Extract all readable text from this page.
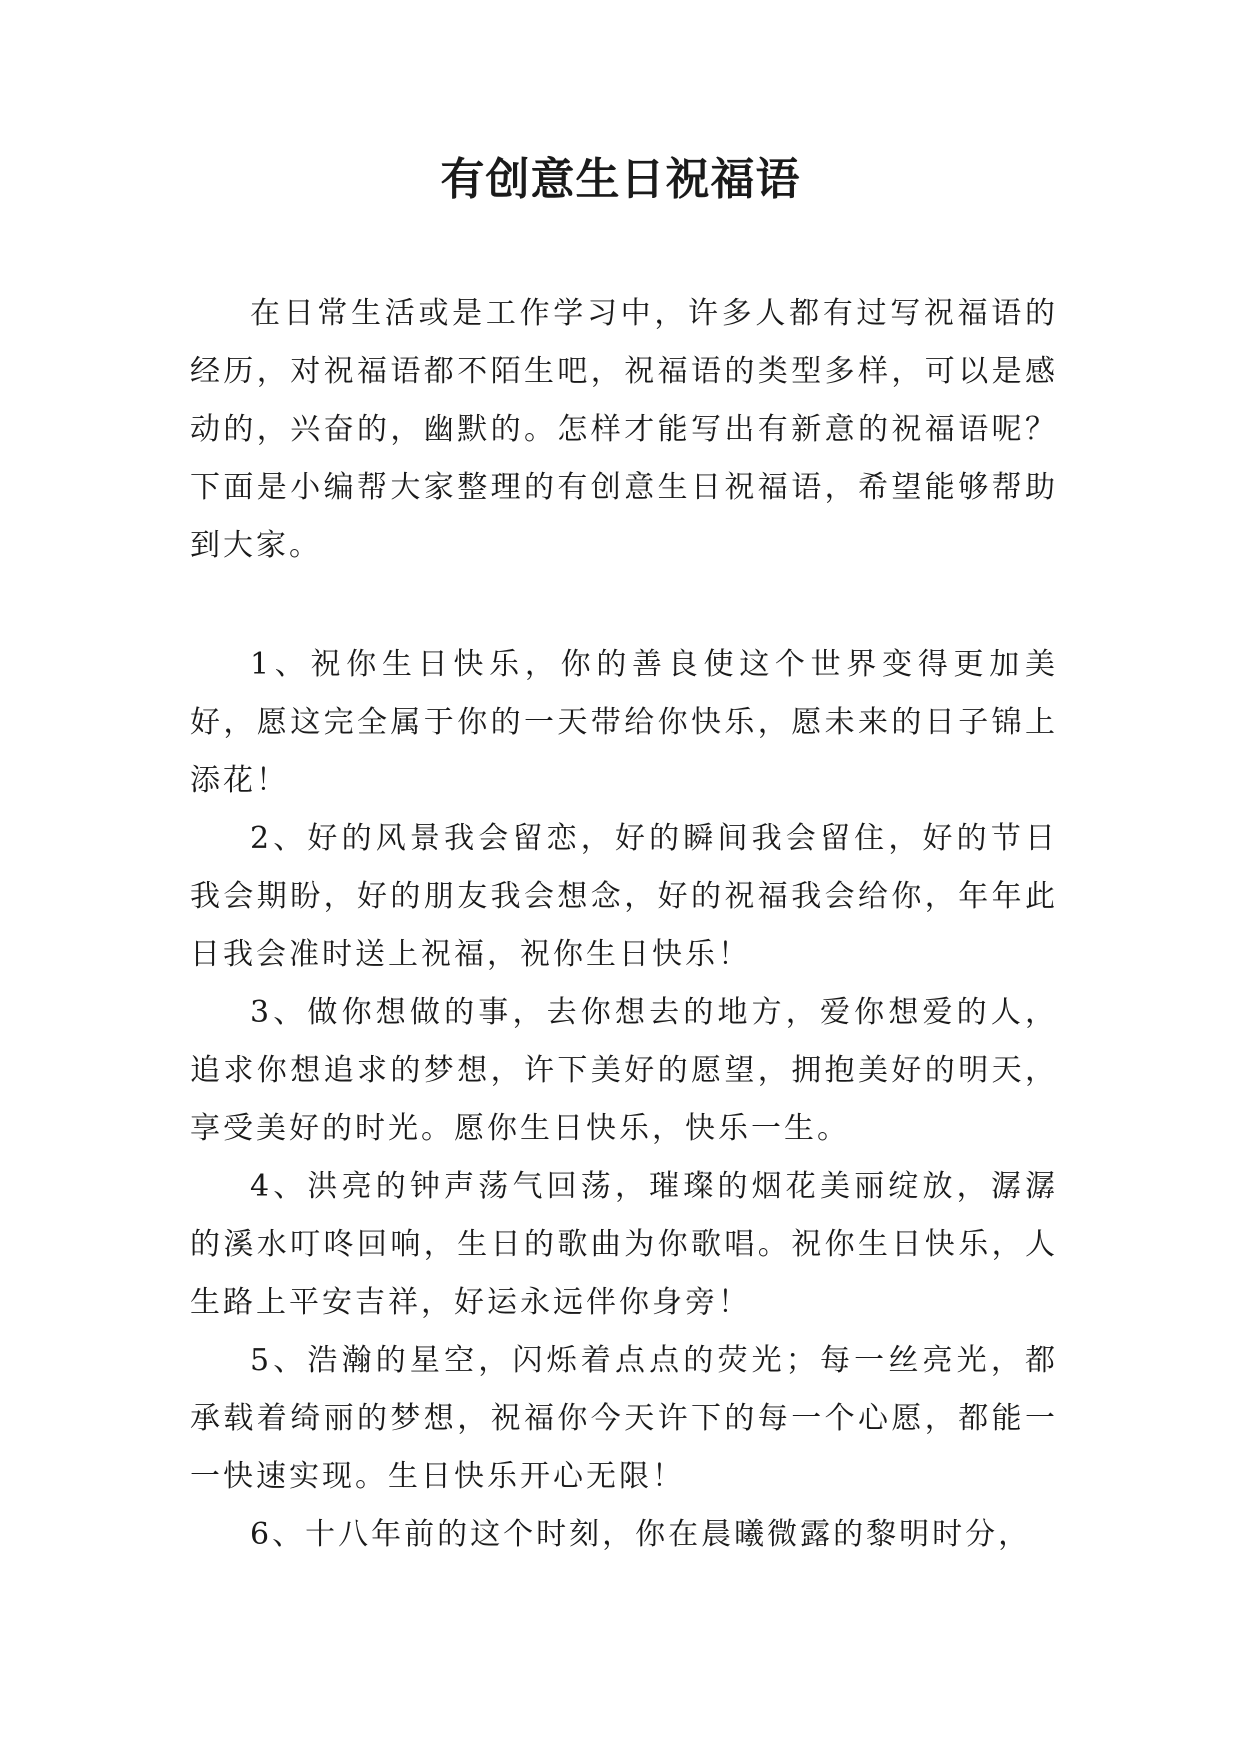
有创意生日祝福语

在日常生活或是工作学习中，许多人都有过写祝福语的经历，对祝福语都不陌生吧，祝福语的类型多样，可以是感动的，兴奋的，幽默的。怎样才能写出有新意的祝福语呢？下面是小编帮大家整理的有创意生日祝福语，希望能够帮助到大家。

1、祝你生日快乐，你的善良使这个世界变得更加美好，愿这完全属于你的一天带给你快乐，愿未来的日子锦上添花！

2、好的风景我会留恋，好的瞬间我会留住，好的节日我会期盼，好的朋友我会想念，好的祝福我会给你，年年此日我会准时送上祝福，祝你生日快乐！

3、做你想做的事，去你想去的地方，爱你想爱的人，追求你想追求的梦想，许下美好的愿望，拥抱美好的明天，享受美好的时光。愿你生日快乐，快乐一生。

4、洪亮的钟声荡气回荡，璀璨的烟花美丽绽放，潺潺的溪水叮咚回响，生日的歌曲为你歌唱。祝你生日快乐，人生路上平安吉祥，好运永远伴你身旁！

5、浩瀚的星空，闪烁着点点的荧光；每一丝亮光，都承载着绮丽的梦想，祝福你今天许下的每一个心愿，都能一一快速实现。生日快乐开心无限！

6、十八年前的这个时刻，你在晨曦微露的黎明时分，
